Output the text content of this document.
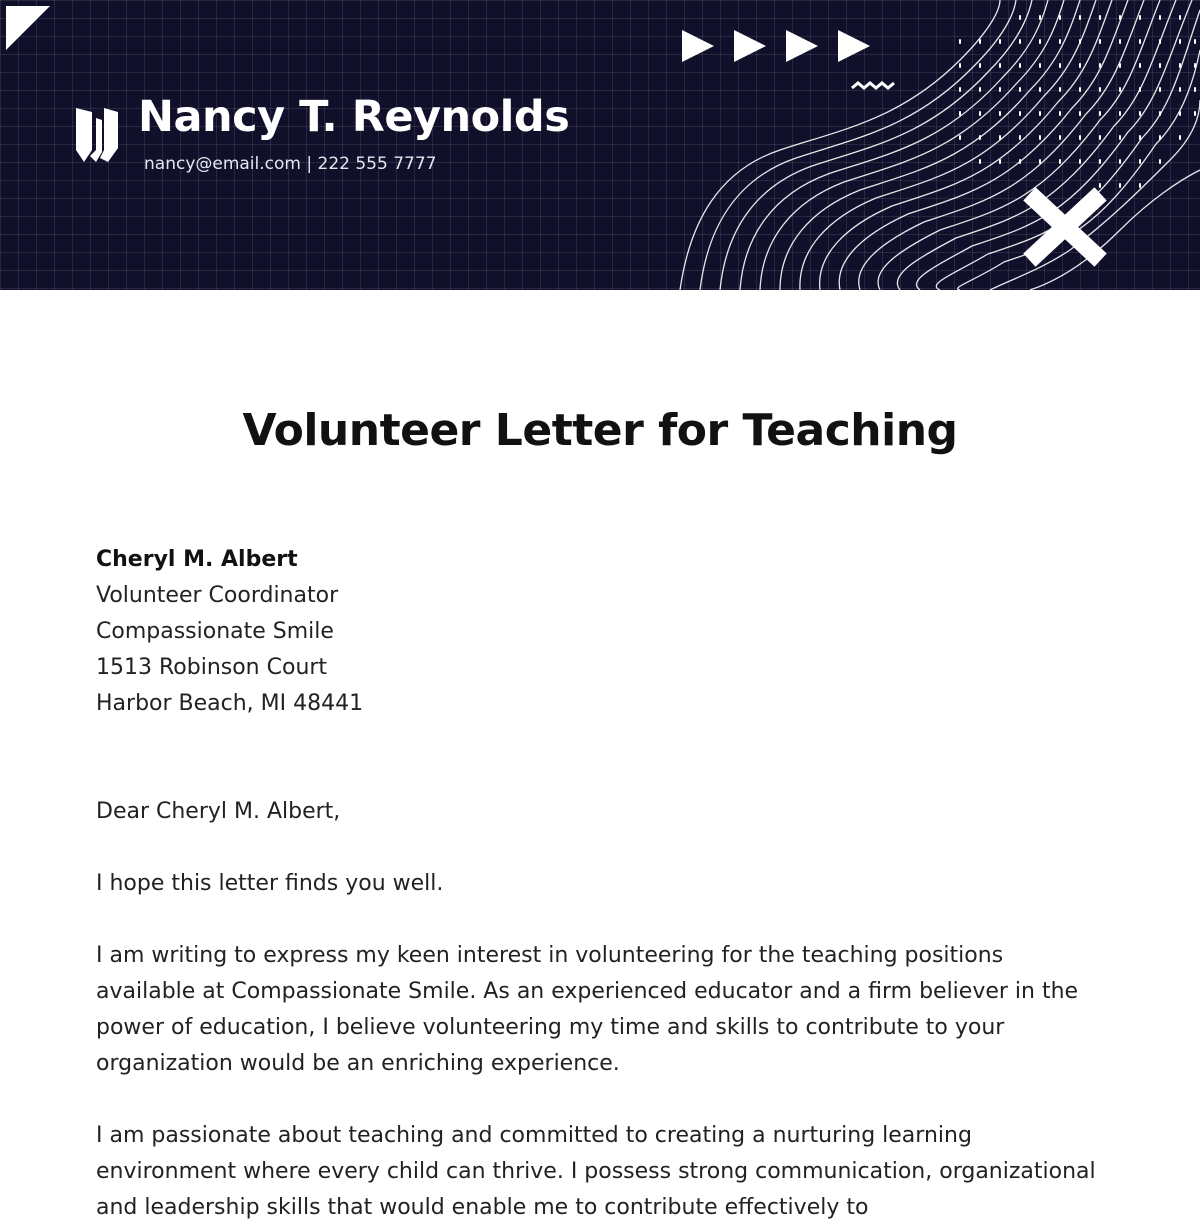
Nancy T. Reynolds
nancy@email.com | 222 555 7777
Volunteer Letter for Teaching

Cheryl M. Albert

Volunteer Coordinator

Compassionate Smile

1513 Robinson Court

Harbor Beach, MI 48441

Dear Cheryl M. Albert,

I hope this letter finds you well.

I am writing to express my keen interest in volunteering for the teaching positions available at Compassionate Smile. As an experienced educator and a firm believer in the power of education, I believe volunteering my time and skills to contribute to your organization would be an enriching experience.

I am passionate about teaching and committed to creating a nurturing learning environment where every child can thrive. I possess strong communication, organizational and leadership skills that would enable me to contribute effectively to
